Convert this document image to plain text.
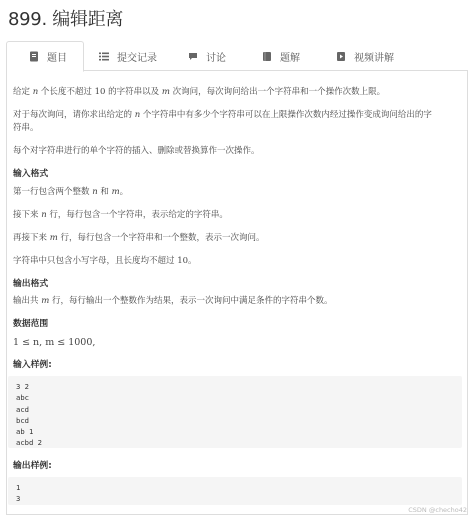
899. 编辑距离
题目	提交记录	讨论	题解	视频讲解
给定 n 个长度不超过 10 的字符串以及 m 次询问，每次询问给出一个字符串和一个操作次数上限。
对于每次询问，请你求出给定的 n 个字符串中有多少个字符串可以在上限操作次数内经过操作变成询问给出的字
符串。
每个对字符串进行的单个字符的插入、删除或替换算作一次操作。
输入格式
第一行包含两个整数 n 和 m。
接下来 n 行，每行包含一个字符串，表示给定的字符串。
再接下来 m 行，每行包含一个字符串和一个整数，表示一次询问。
字符串中只包含小写字母，且长度均不超过 10。
输出格式
输出共 m 行，每行输出一个整数作为结果，表示一次询问中满足条件的字符串个数。
数据范围
1 ≤ n, m ≤ 1000,
输入样例:
输出样例:
3 2
abc
acd
bcd
ab 1
acbd 2
1
3
CSDN @checho42
